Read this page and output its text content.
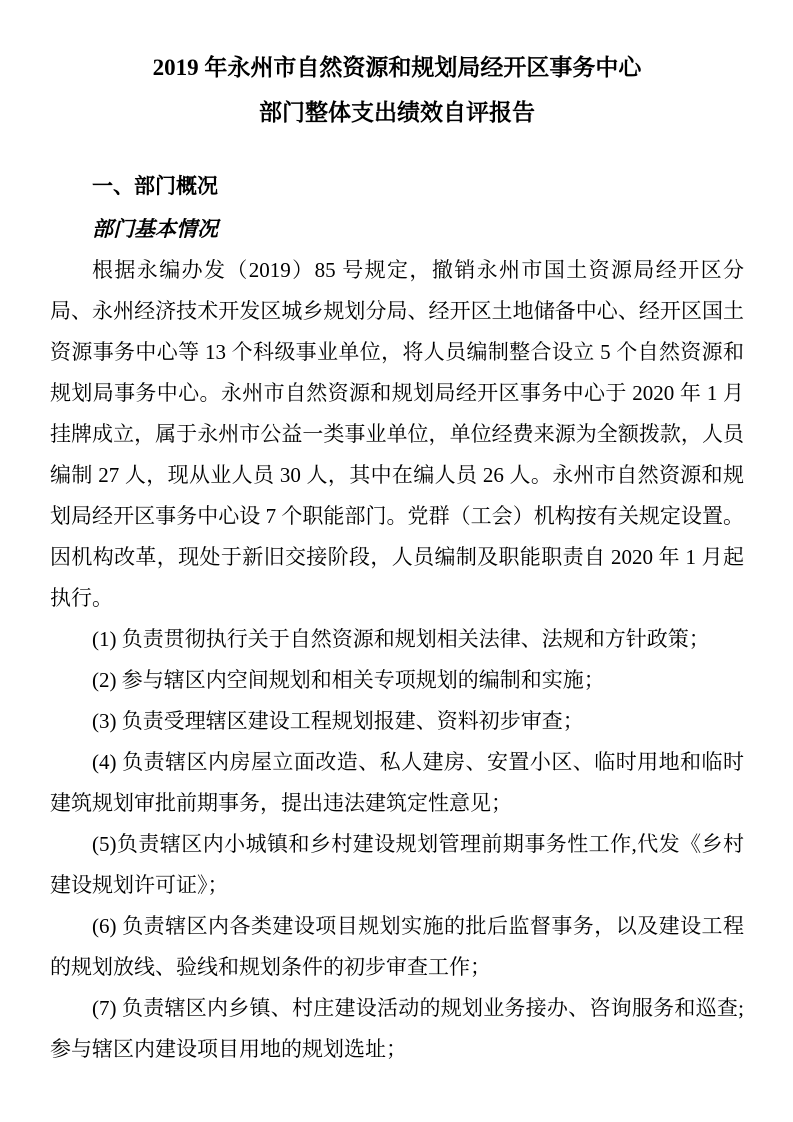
2019 年永州市自然资源和规划局经开区事务中心
部门整体支出绩效自评报告
一、部门概况
部门基本情况

根据永编办发（2019）85 号规定，撤销永州市国土资源局经开区分局、永州经济技术开发区城乡规划分局、经开区土地储备中心、经开区国土资源事务中心等 13 个科级事业单位，将人员编制整合设立 5 个自然资源和规划局事务中心。永州市自然资源和规划局经开区事务中心于 2020 年 1 月挂牌成立，属于永州市公益一类事业单位，单位经费来源为全额拨款，人员编制 27 人，现从业人员 30 人，其中在编人员 26 人。永州市自然资源和规划局经开区事务中心设 7 个职能部门。党群（工会）机构按有关规定设置。因机构改革，现处于新旧交接阶段，人员编制及职能职责自 2020 年 1 月起执行。

(1) 负责贯彻执行关于自然资源和规划相关法律、法规和方针政策；

(2) 参与辖区内空间规划和相关专项规划的编制和实施；

(3) 负责受理辖区建设工程规划报建、资料初步审查；

(4) 负责辖区内房屋立面改造、私人建房、安置小区、临时用地和临时建筑规划审批前期事务，提出违法建筑定性意见；

(5)负责辖区内小城镇和乡村建设规划管理前期事务性工作,代发《乡村建设规划许可证》；

(6) 负责辖区内各类建设项目规划实施的批后监督事务，以及建设工程的规划放线、验线和规划条件的初步审查工作；

(7) 负责辖区内乡镇、村庄建设活动的规划业务接办、咨询服务和巡查;参与辖区内建设项目用地的规划选址；
